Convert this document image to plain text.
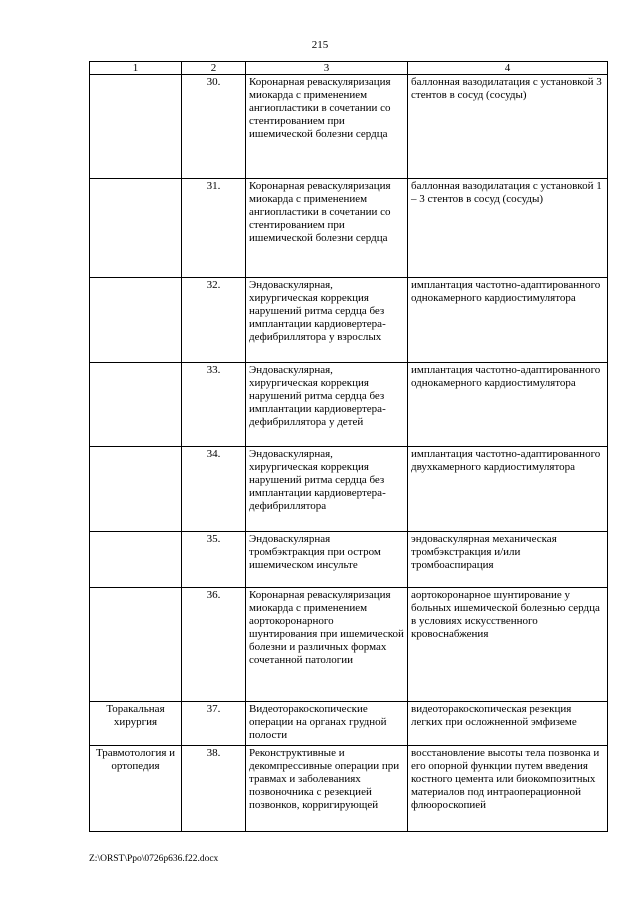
215
1	2	3	4
	30.	Коронарная реваскуляризация миокарда с применением ангиопластики в сочетании со стентированием при ишемической болезни сердца	баллонная вазодилатация с установкой 3 стентов в сосуд (сосуды)
	31.	Коронарная реваскуляризация миокарда с применением ангиопластики в сочетании со стентированием при ишемической болезни сердца	баллонная вазодилатация с установкой 1 – 3 стентов в сосуд (сосуды)
	32.	Эндоваскулярная, хирургическая коррекция нарушений ритма сердца без имплантации кардиовертера-дефибриллятора у взрослых	имплантация частотно-адаптированного однокамерного кардиостимулятора
	33.	Эндоваскулярная, хирургическая коррекция нарушений ритма сердца без имплантации кардиовертера-дефибриллятора у детей	имплантация частотно-адаптированного однокамерного кардиостимулятора
	34.	Эндоваскулярная, хирургическая коррекция нарушений ритма сердца без имплантации кардиовертера-дефибриллятора	имплантация частотно-адаптированного двухкамерного кардиостимулятора
	35.	Эндоваскулярная тромбэктракция при остром ишемическом инсульте	эндоваскулярная механическая тромбэкстракция и/или тромбоаспирация
	36.	Коронарная реваскуляризация миокарда с применением аортокоронарного шунтирования при ишемической болезни и различных формах сочетанной патологии	аортокоронарное шунтирование у больных ишемической болезнью сердца в условиях искусственного кровоснабжения
Торакальная хирургия	37.	Видеоторакоскопические операции на органах грудной полости	видеоторакоскопическая резекция легких при осложненной эмфиземе
Травмотология и ортопедия	38.	Реконструктивные и декомпрессивные операции при травмах и заболеваниях позвоночника с резекцией позвонков, корригирующей	восстановление высоты тела позвонка и его опорной функции путем введения костного цемента или биокомпозитных материалов под интраоперационной флюороскопией
Z:\ORST\Ppo\0726p636.f22.docx
